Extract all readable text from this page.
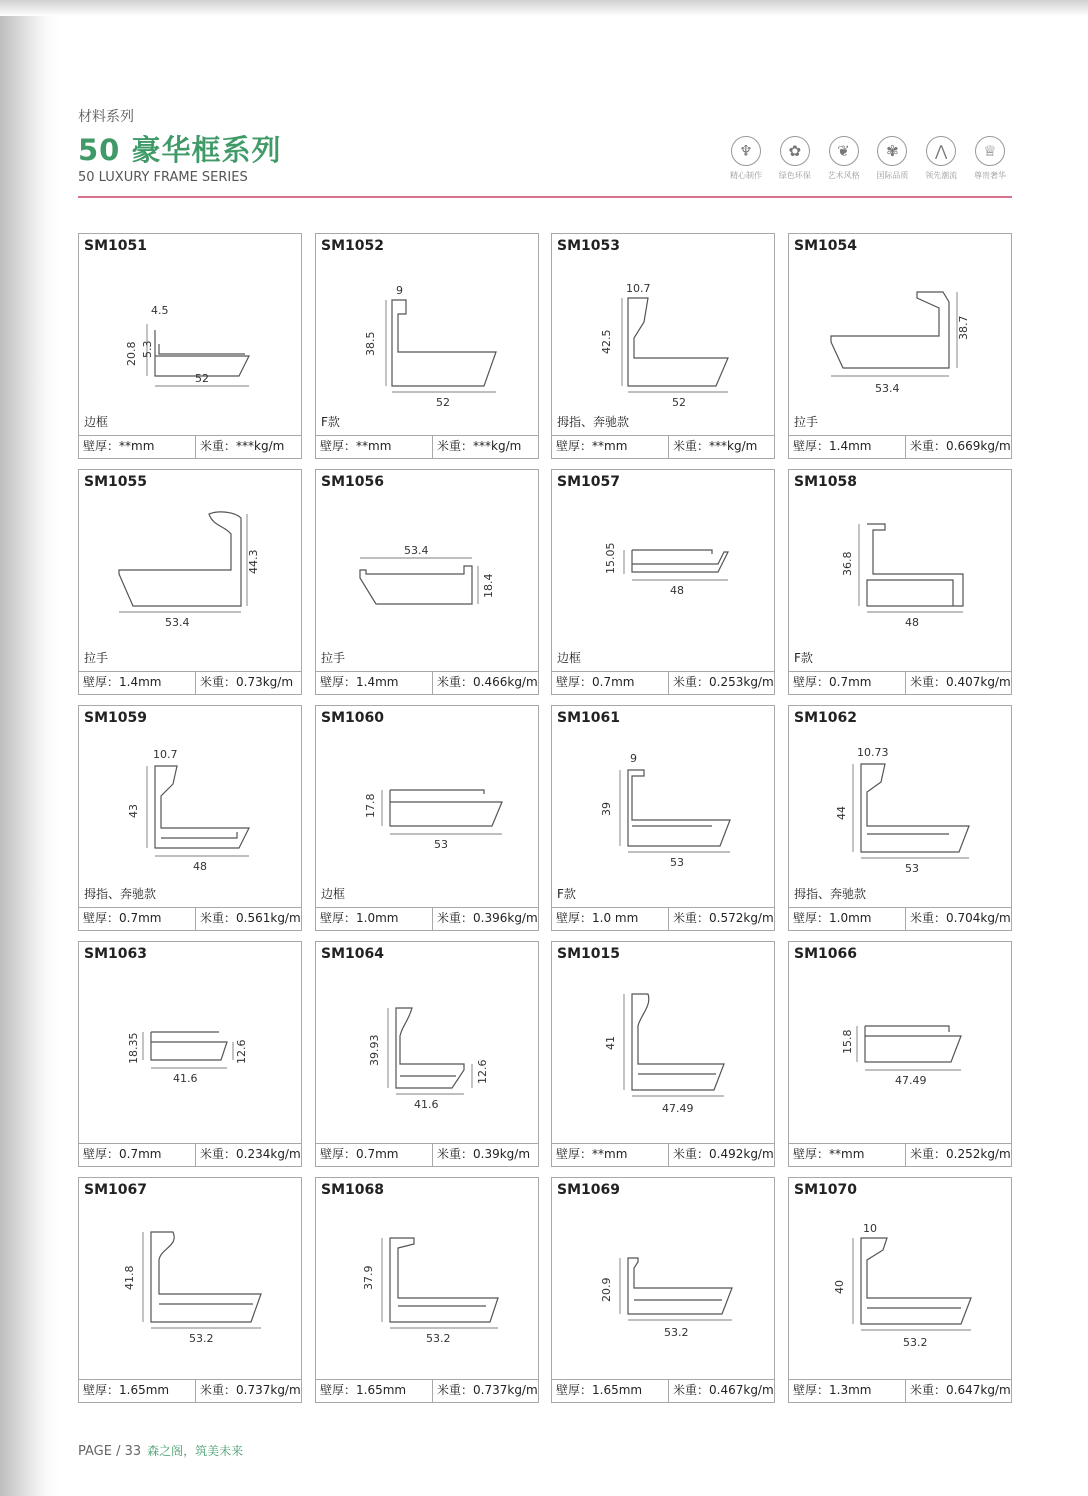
材料系列
50 豪华框系列
50 LUXURY FRAME SERIES
♆
精心制作
✿
绿色环保
❦
艺术风格
✾
国际品质
⋀
领先潮流
♕
尊贵奢华
SM1051
4.5
20.8 5.3
52
边框
壁厚：**mm	米重：***kg/m
SM1052
9
38.5
52
F款
壁厚：**mm	米重：***kg/m
SM1053
10.7
42.5
52
拇指、奔驰款
壁厚：**mm	米重：***kg/m
SM1054
38.7
53.4
拉手
壁厚：1.4mm	米重：0.669kg/m
SM1055
44.3
53.4
拉手
壁厚：1.4mm	米重：0.73kg/m
SM1056
53.4
18.4
拉手
壁厚：1.4mm	米重：0.466kg/m
SM1057
15.05
48
边框
壁厚：0.7mm	米重：0.253kg/m
SM1058
36.8
48
F款
壁厚：0.7mm	米重：0.407kg/m
SM1059
10.7
43
48
拇指、奔驰款
壁厚：0.7mm	米重：0.561kg/m
SM1060
17.8
53
边框
壁厚：1.0mm	米重：0.396kg/m
SM1061
9
39
53
F款
壁厚：1.0 mm	米重：0.572kg/m
SM1062
10.73
44
53
拇指、奔驰款
壁厚：1.0mm	米重：0.704kg/m
SM1063
18.35	12.6
41.6
壁厚：0.7mm	米重：0.234kg/m
SM1064
39.93
12.6
41.6
壁厚：0.7mm	米重：0.39kg/m
SM1015
41
47.49
壁厚：**mm	米重：0.492kg/m
SM1066
15.8
47.49
壁厚：**mm	米重：0.252kg/m
SM1067
41.8
53.2
壁厚：1.65mm	米重：0.737kg/m
SM1068
37.9
53.2
壁厚：1.65mm	米重：0.737kg/m
SM1069
20.9
53.2
壁厚：1.65mm	米重：0.467kg/m
SM1070
10
40
53.2
壁厚：1.3mm	米重：0.647kg/m
PAGE / 33 森之阁，筑美未来
